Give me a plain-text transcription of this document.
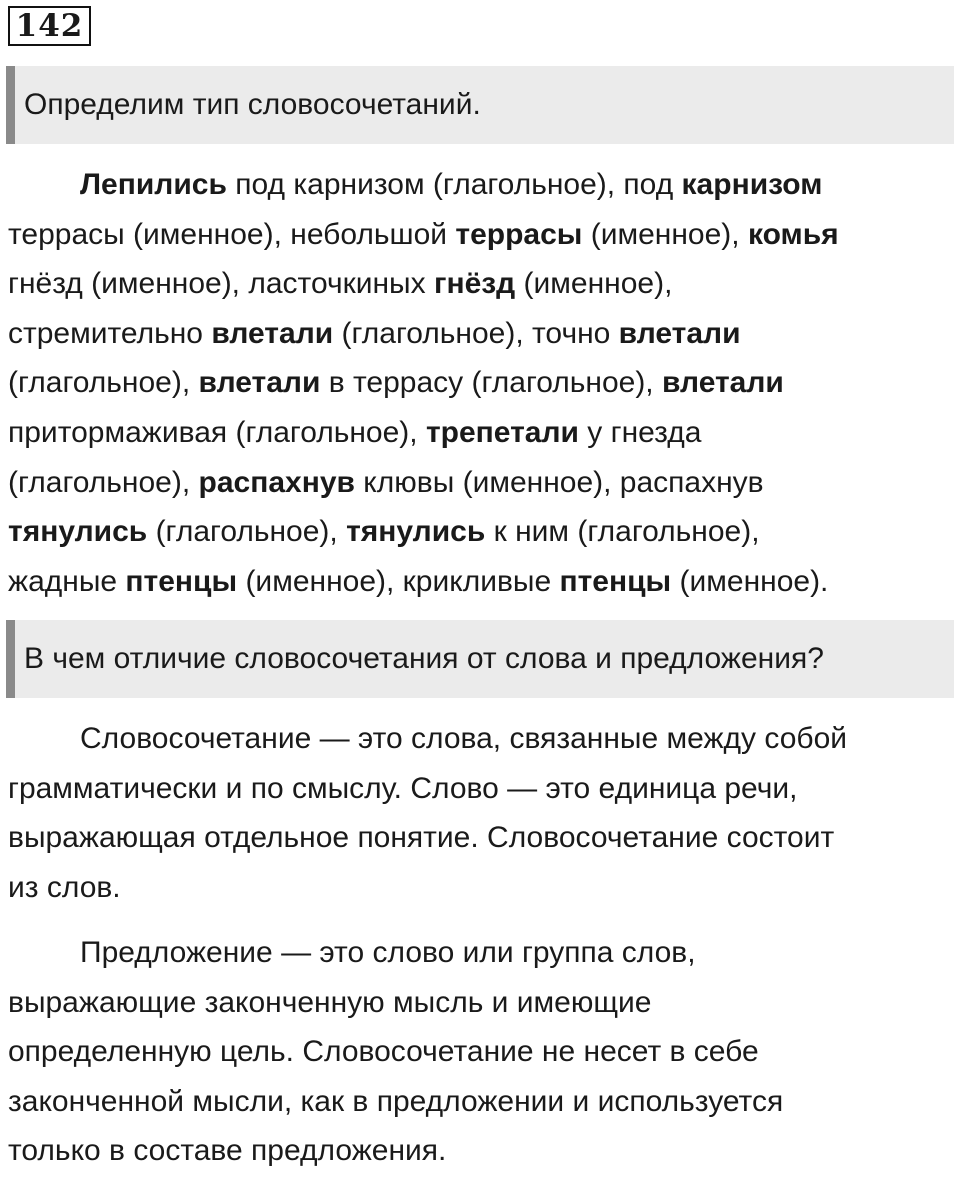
142
Определим тип словосочетаний.
Лепились под карнизом (глагольное), под карнизом
террасы (именное), небольшой террасы (именное), комья
гнёзд (именное), ласточкиных гнёзд (именное),
стремительно влетали (глагольное), точно влетали
(глагольное), влетали в террасу (глагольное), влетали
притормаживая (глагольное), трепетали у гнезда
(глагольное), распахнув клювы (именное), распахнув
тянулись (глагольное), тянулись к ним (глагольное),
жадные птенцы (именное), крикливые птенцы (именное).
В чем отличие словосочетания от слова и предложения?
Словосочетание — это слова, связанные между собой
грамматически и по смыслу. Слово — это единица речи,
выражающая отдельное понятие. Словосочетание состоит
из слов.
Предложение — это слово или группа слов,
выражающие законченную мысль и имеющие
определенную цель. Словосочетание не несет в себе
законченной мысли, как в предложении и используется
только в составе предложения.
